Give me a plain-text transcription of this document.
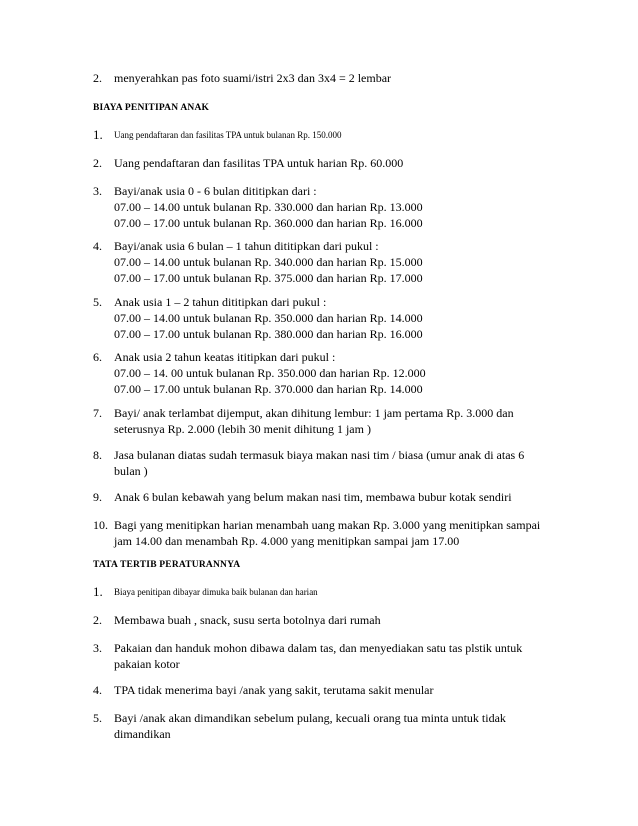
2.	menyerahkan pas foto suami/istri 2x3 dan 3x4 = 2 lembar
BIAYA PENITIPAN ANAK
1.	Uang pendaftaran dan fasilitas TPA untuk bulanan Rp. 150.000
2.	Uang pendaftaran dan fasilitas TPA untuk harian Rp. 60.000
3.	Bayi/anak usia 0 - 6 bulan dititipkan dari :
07.00 – 14.00 untuk bulanan Rp. 330.000 dan harian Rp. 13.000
07.00 – 17.00 untuk bulanan Rp. 360.000 dan harian Rp. 16.000
4.	Bayi/anak usia 6 bulan – 1 tahun dititipkan dari pukul :
07.00 – 14.00 untuk bulanan Rp. 340.000 dan harian Rp. 15.000
07.00 – 17.00 untuk bulanan Rp. 375.000 dan harian Rp. 17.000
5.	Anak usia 1 – 2 tahun dititipkan dari pukul :
07.00 – 14.00 untuk bulanan Rp. 350.000 dan harian Rp. 14.000
07.00 – 17.00 untuk bulanan Rp. 380.000 dan harian Rp. 16.000
6.	Anak usia 2 tahun keatas ititipkan dari pukul :
07.00 – 14. 00 untuk bulanan Rp. 350.000 dan harian Rp. 12.000
07.00 – 17.00 untuk bulanan Rp. 370.000 dan harian Rp. 14.000
7.	Bayi/ anak terlambat dijemput, akan dihitung lembur: 1 jam pertama Rp. 3.000 dan
seterusnya Rp. 2.000 (lebih 30 menit dihitung 1 jam )
8.	Jasa bulanan diatas sudah termasuk biaya makan nasi tim / biasa (umur anak di atas 6
bulan )
9.	Anak 6 bulan kebawah yang belum makan nasi tim, membawa bubur kotak sendiri
10. Bagi yang menitipkan harian menambah uang makan Rp. 3.000 yang menitipkan sampai
jam 14.00 dan menambah Rp. 4.000 yang menitipkan sampai jam 17.00
TATA TERTIB PERATURANNYA
1.	Biaya penitipan dibayar dimuka baik bulanan dan harian
2.	Membawa buah , snack, susu serta botolnya dari rumah
3.	Pakaian dan handuk mohon dibawa dalam tas, dan menyediakan satu tas plstik untuk
pakaian kotor
4.	TPA tidak menerima bayi /anak yang sakit, terutama sakit menular
5.	Bayi /anak akan dimandikan sebelum pulang, kecuali orang tua minta untuk tidak
dimandikan
